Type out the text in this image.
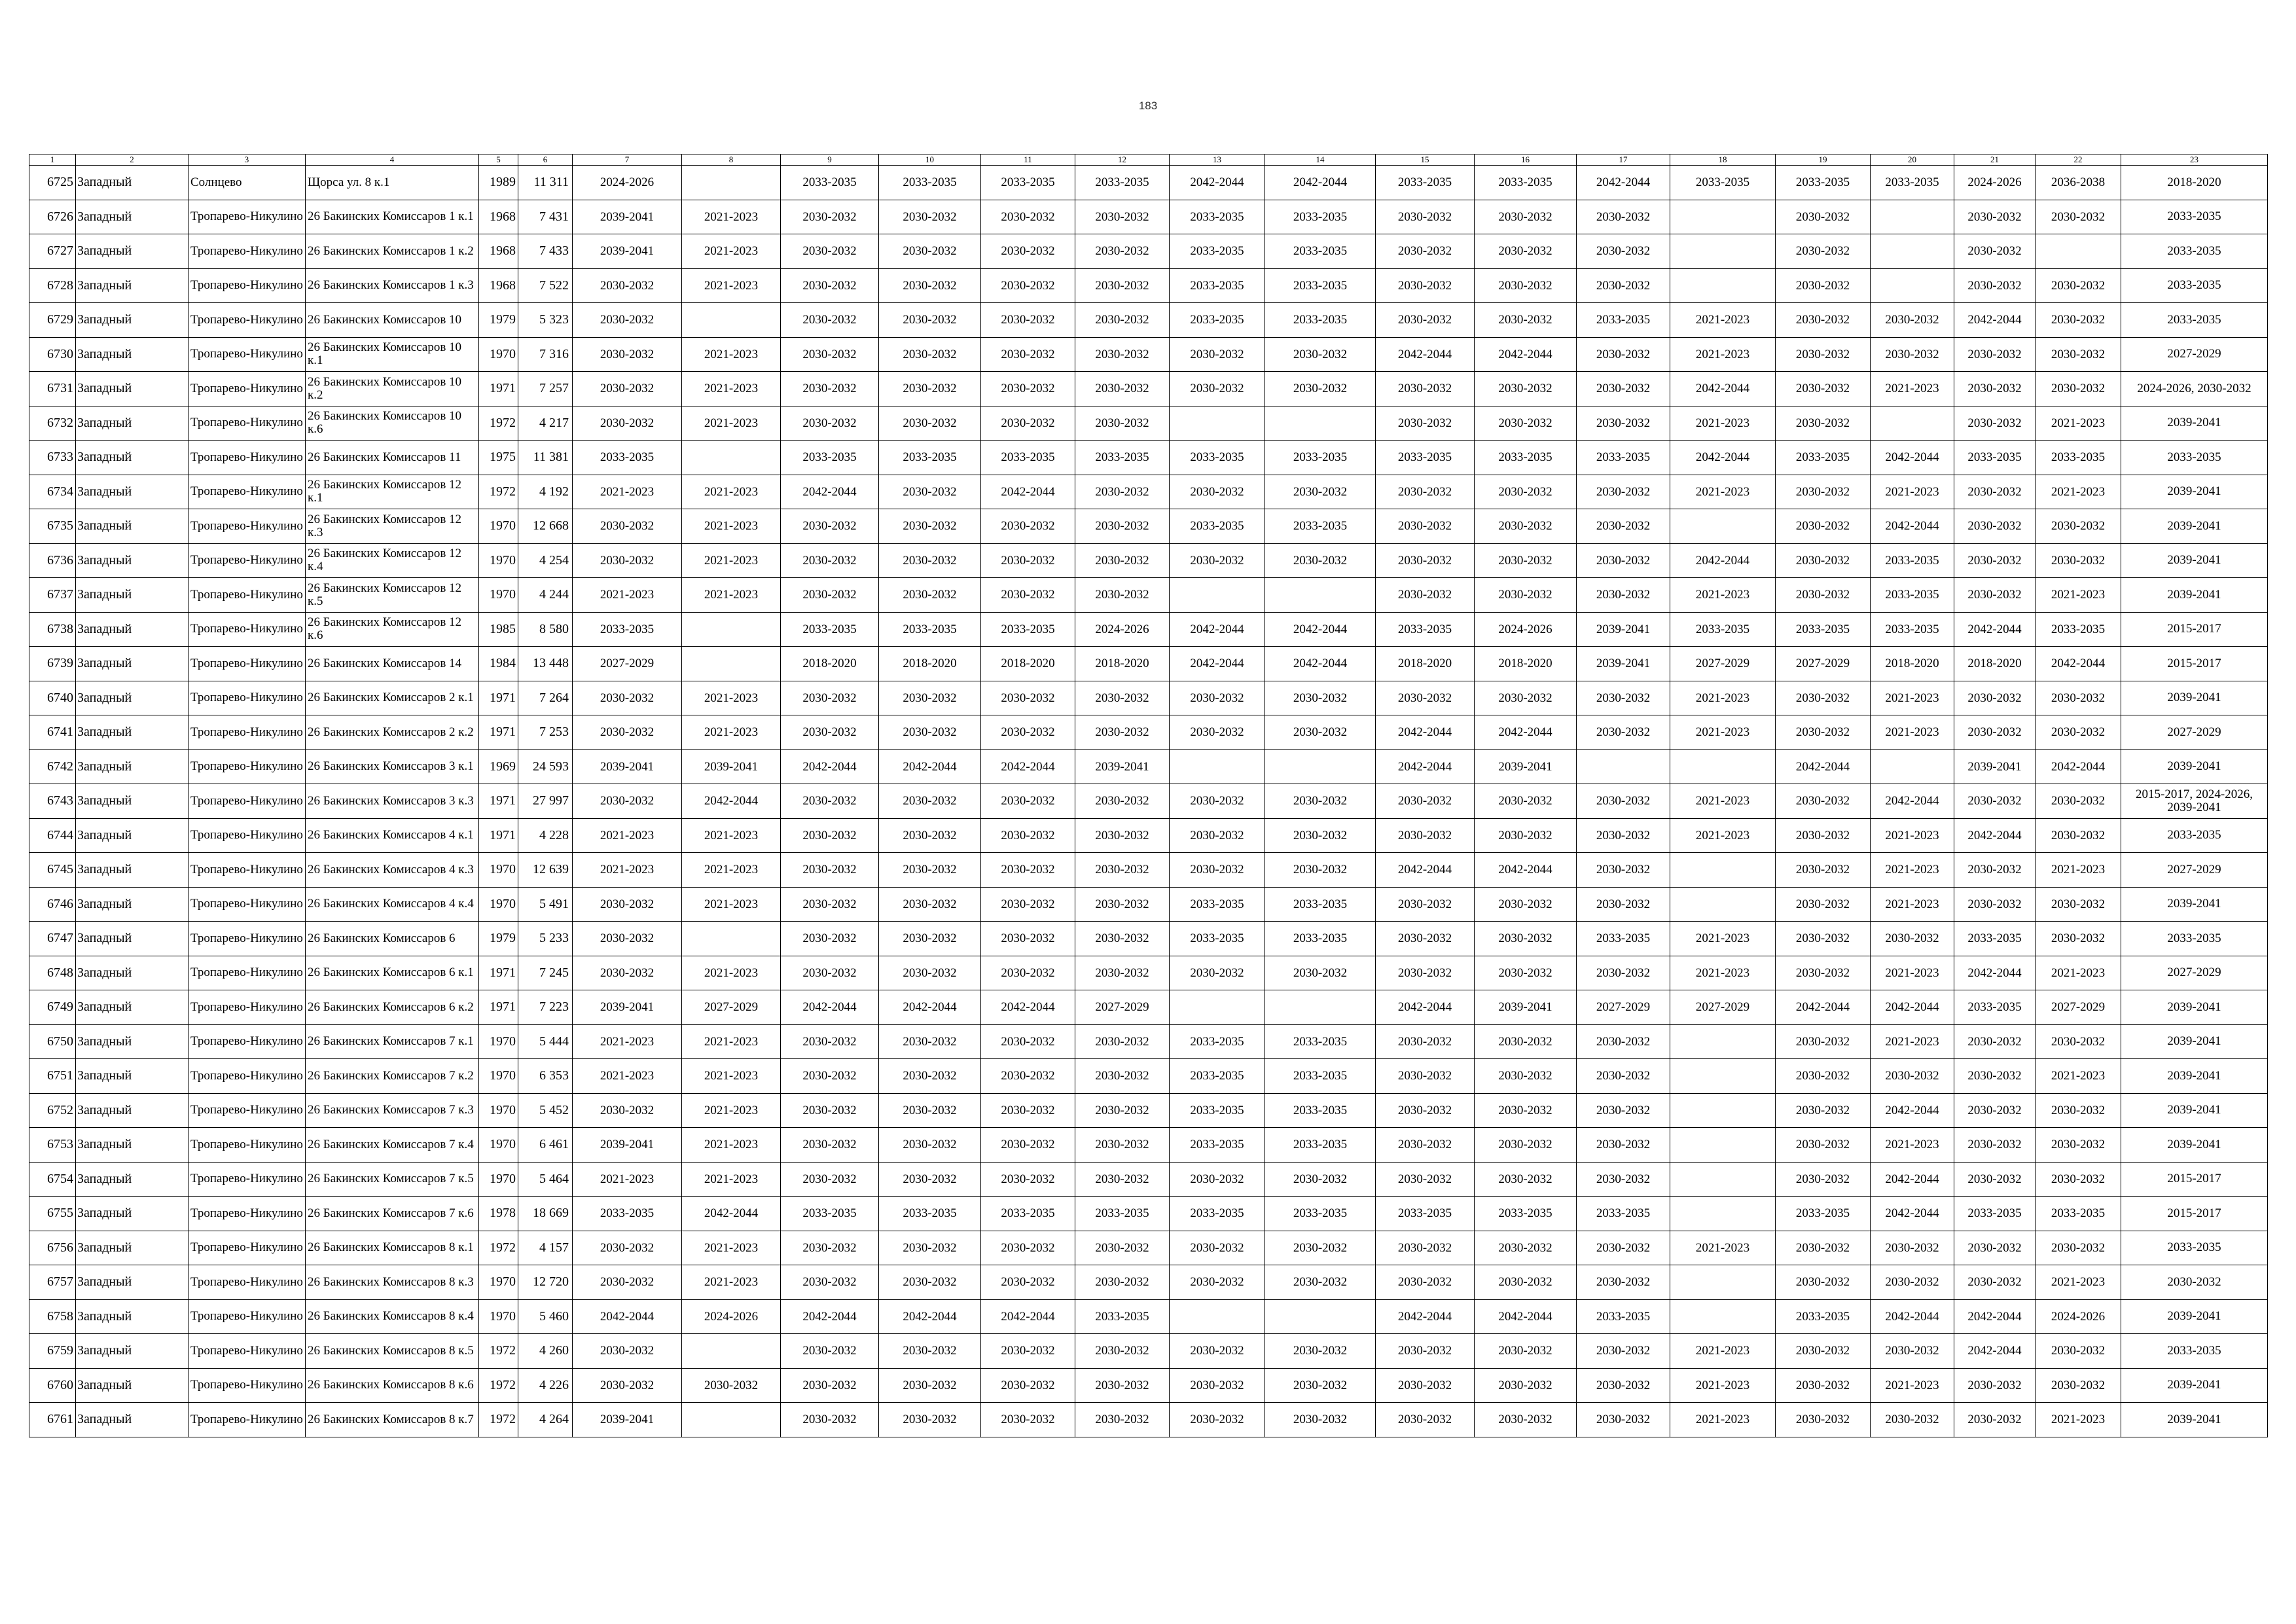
183
1	2	3	4	5	6	7	8	9	10	11	12	13	14	15	16	17	18	19	20	21	22	23
6725	Западный	Солнцево	Щорса ул. 8 к.1	1989	11 311	2024-2026		2033-2035	2033-2035	2033-2035	2033-2035	2042-2044	2042-2044	2033-2035	2033-2035	2042-2044	2033-2035	2033-2035	2033-2035	2024-2026	2036-2038	2018-2020
6726	Западный	Тропарево-Никулино	26 Бакинских Комиссаров 1 к.1	1968	7 431	2039-2041	2021-2023	2030-2032	2030-2032	2030-2032	2030-2032	2033-2035	2033-2035	2030-2032	2030-2032	2030-2032		2030-2032		2030-2032	2030-2032	2033-2035
6727	Западный	Тропарево-Никулино	26 Бакинских Комиссаров 1 к.2	1968	7 433	2039-2041	2021-2023	2030-2032	2030-2032	2030-2032	2030-2032	2033-2035	2033-2035	2030-2032	2030-2032	2030-2032		2030-2032		2030-2032		2033-2035
6728	Западный	Тропарево-Никулино	26 Бакинских Комиссаров 1 к.3	1968	7 522	2030-2032	2021-2023	2030-2032	2030-2032	2030-2032	2030-2032	2033-2035	2033-2035	2030-2032	2030-2032	2030-2032		2030-2032		2030-2032	2030-2032	2033-2035
6729	Западный	Тропарево-Никулино	26 Бакинских Комиссаров 10	1979	5 323	2030-2032		2030-2032	2030-2032	2030-2032	2030-2032	2033-2035	2033-2035	2030-2032	2030-2032	2033-2035	2021-2023	2030-2032	2030-2032	2042-2044	2030-2032	2033-2035
6730	Западный	Тропарево-Никулино	26 Бакинских Комиссаров 10 к.1	1970	7 316	2030-2032	2021-2023	2030-2032	2030-2032	2030-2032	2030-2032	2030-2032	2030-2032	2042-2044	2042-2044	2030-2032	2021-2023	2030-2032	2030-2032	2030-2032	2030-2032	2027-2029
6731	Западный	Тропарево-Никулино	26 Бакинских Комиссаров 10 к.2	1971	7 257	2030-2032	2021-2023	2030-2032	2030-2032	2030-2032	2030-2032	2030-2032	2030-2032	2030-2032	2030-2032	2030-2032	2042-2044	2030-2032	2021-2023	2030-2032	2030-2032	2024-2026, 2030-2032
6732	Западный	Тропарево-Никулино	26 Бакинских Комиссаров 10 к.6	1972	4 217	2030-2032	2021-2023	2030-2032	2030-2032	2030-2032	2030-2032			2030-2032	2030-2032	2030-2032	2021-2023	2030-2032		2030-2032	2021-2023	2039-2041
6733	Западный	Тропарево-Никулино	26 Бакинских Комиссаров 11	1975	11 381	2033-2035		2033-2035	2033-2035	2033-2035	2033-2035	2033-2035	2033-2035	2033-2035	2033-2035	2033-2035	2042-2044	2033-2035	2042-2044	2033-2035	2033-2035	2033-2035
6734	Западный	Тропарево-Никулино	26 Бакинских Комиссаров 12 к.1	1972	4 192	2021-2023	2021-2023	2042-2044	2030-2032	2042-2044	2030-2032	2030-2032	2030-2032	2030-2032	2030-2032	2030-2032	2021-2023	2030-2032	2021-2023	2030-2032	2021-2023	2039-2041
6735	Западный	Тропарево-Никулино	26 Бакинских Комиссаров 12 к.3	1970	12 668	2030-2032	2021-2023	2030-2032	2030-2032	2030-2032	2030-2032	2033-2035	2033-2035	2030-2032	2030-2032	2030-2032		2030-2032	2042-2044	2030-2032	2030-2032	2039-2041
6736	Западный	Тропарево-Никулино	26 Бакинских Комиссаров 12 к.4	1970	4 254	2030-2032	2021-2023	2030-2032	2030-2032	2030-2032	2030-2032	2030-2032	2030-2032	2030-2032	2030-2032	2030-2032	2042-2044	2030-2032	2033-2035	2030-2032	2030-2032	2039-2041
6737	Западный	Тропарево-Никулино	26 Бакинских Комиссаров 12 к.5	1970	4 244	2021-2023	2021-2023	2030-2032	2030-2032	2030-2032	2030-2032			2030-2032	2030-2032	2030-2032	2021-2023	2030-2032	2033-2035	2030-2032	2021-2023	2039-2041
6738	Западный	Тропарево-Никулино	26 Бакинских Комиссаров 12 к.6	1985	8 580	2033-2035		2033-2035	2033-2035	2033-2035	2024-2026	2042-2044	2042-2044	2033-2035	2024-2026	2039-2041	2033-2035	2033-2035	2033-2035	2042-2044	2033-2035	2015-2017
6739	Западный	Тропарево-Никулино	26 Бакинских Комиссаров 14	1984	13 448	2027-2029		2018-2020	2018-2020	2018-2020	2018-2020	2042-2044	2042-2044	2018-2020	2018-2020	2039-2041	2027-2029	2027-2029	2018-2020	2018-2020	2042-2044	2015-2017
6740	Западный	Тропарево-Никулино	26 Бакинских Комиссаров 2 к.1	1971	7 264	2030-2032	2021-2023	2030-2032	2030-2032	2030-2032	2030-2032	2030-2032	2030-2032	2030-2032	2030-2032	2030-2032	2021-2023	2030-2032	2021-2023	2030-2032	2030-2032	2039-2041
6741	Западный	Тропарево-Никулино	26 Бакинских Комиссаров 2 к.2	1971	7 253	2030-2032	2021-2023	2030-2032	2030-2032	2030-2032	2030-2032	2030-2032	2030-2032	2042-2044	2042-2044	2030-2032	2021-2023	2030-2032	2021-2023	2030-2032	2030-2032	2027-2029
6742	Западный	Тропарево-Никулино	26 Бакинских Комиссаров 3 к.1	1969	24 593	2039-2041	2039-2041	2042-2044	2042-2044	2042-2044	2039-2041			2042-2044	2039-2041			2042-2044		2039-2041	2042-2044	2039-2041
6743	Западный	Тропарево-Никулино	26 Бакинских Комиссаров 3 к.3	1971	27 997	2030-2032	2042-2044	2030-2032	2030-2032	2030-2032	2030-2032	2030-2032	2030-2032	2030-2032	2030-2032	2030-2032	2021-2023	2030-2032	2042-2044	2030-2032	2030-2032	2015-2017, 2024-2026, 2039-2041
6744	Западный	Тропарево-Никулино	26 Бакинских Комиссаров 4 к.1	1971	4 228	2021-2023	2021-2023	2030-2032	2030-2032	2030-2032	2030-2032	2030-2032	2030-2032	2030-2032	2030-2032	2030-2032	2021-2023	2030-2032	2021-2023	2042-2044	2030-2032	2033-2035
6745	Западный	Тропарево-Никулино	26 Бакинских Комиссаров 4 к.3	1970	12 639	2021-2023	2021-2023	2030-2032	2030-2032	2030-2032	2030-2032	2030-2032	2030-2032	2042-2044	2042-2044	2030-2032		2030-2032	2021-2023	2030-2032	2021-2023	2027-2029
6746	Западный	Тропарево-Никулино	26 Бакинских Комиссаров 4 к.4	1970	5 491	2030-2032	2021-2023	2030-2032	2030-2032	2030-2032	2030-2032	2033-2035	2033-2035	2030-2032	2030-2032	2030-2032		2030-2032	2021-2023	2030-2032	2030-2032	2039-2041
6747	Западный	Тропарево-Никулино	26 Бакинских Комиссаров 6	1979	5 233	2030-2032		2030-2032	2030-2032	2030-2032	2030-2032	2033-2035	2033-2035	2030-2032	2030-2032	2033-2035	2021-2023	2030-2032	2030-2032	2033-2035	2030-2032	2033-2035
6748	Западный	Тропарево-Никулино	26 Бакинских Комиссаров 6 к.1	1971	7 245	2030-2032	2021-2023	2030-2032	2030-2032	2030-2032	2030-2032	2030-2032	2030-2032	2030-2032	2030-2032	2030-2032	2021-2023	2030-2032	2021-2023	2042-2044	2021-2023	2027-2029
6749	Западный	Тропарево-Никулино	26 Бакинских Комиссаров 6 к.2	1971	7 223	2039-2041	2027-2029	2042-2044	2042-2044	2042-2044	2027-2029			2042-2044	2039-2041	2027-2029	2027-2029	2042-2044	2042-2044	2033-2035	2027-2029	2039-2041
6750	Западный	Тропарево-Никулино	26 Бакинских Комиссаров 7 к.1	1970	5 444	2021-2023	2021-2023	2030-2032	2030-2032	2030-2032	2030-2032	2033-2035	2033-2035	2030-2032	2030-2032	2030-2032		2030-2032	2021-2023	2030-2032	2030-2032	2039-2041
6751	Западный	Тропарево-Никулино	26 Бакинских Комиссаров 7 к.2	1970	6 353	2021-2023	2021-2023	2030-2032	2030-2032	2030-2032	2030-2032	2033-2035	2033-2035	2030-2032	2030-2032	2030-2032		2030-2032	2030-2032	2030-2032	2021-2023	2039-2041
6752	Западный	Тропарево-Никулино	26 Бакинских Комиссаров 7 к.3	1970	5 452	2030-2032	2021-2023	2030-2032	2030-2032	2030-2032	2030-2032	2033-2035	2033-2035	2030-2032	2030-2032	2030-2032		2030-2032	2042-2044	2030-2032	2030-2032	2039-2041
6753	Западный	Тропарево-Никулино	26 Бакинских Комиссаров 7 к.4	1970	6 461	2039-2041	2021-2023	2030-2032	2030-2032	2030-2032	2030-2032	2033-2035	2033-2035	2030-2032	2030-2032	2030-2032		2030-2032	2021-2023	2030-2032	2030-2032	2039-2041
6754	Западный	Тропарево-Никулино	26 Бакинских Комиссаров 7 к.5	1970	5 464	2021-2023	2021-2023	2030-2032	2030-2032	2030-2032	2030-2032	2030-2032	2030-2032	2030-2032	2030-2032	2030-2032		2030-2032	2042-2044	2030-2032	2030-2032	2015-2017
6755	Западный	Тропарево-Никулино	26 Бакинских Комиссаров 7 к.6	1978	18 669	2033-2035	2042-2044	2033-2035	2033-2035	2033-2035	2033-2035	2033-2035	2033-2035	2033-2035	2033-2035	2033-2035		2033-2035	2042-2044	2033-2035	2033-2035	2015-2017
6756	Западный	Тропарево-Никулино	26 Бакинских Комиссаров 8 к.1	1972	4 157	2030-2032	2021-2023	2030-2032	2030-2032	2030-2032	2030-2032	2030-2032	2030-2032	2030-2032	2030-2032	2030-2032	2021-2023	2030-2032	2030-2032	2030-2032	2030-2032	2033-2035
6757	Западный	Тропарево-Никулино	26 Бакинских Комиссаров 8 к.3	1970	12 720	2030-2032	2021-2023	2030-2032	2030-2032	2030-2032	2030-2032	2030-2032	2030-2032	2030-2032	2030-2032	2030-2032		2030-2032	2030-2032	2030-2032	2021-2023	2030-2032
6758	Западный	Тропарево-Никулино	26 Бакинских Комиссаров 8 к.4	1970	5 460	2042-2044	2024-2026	2042-2044	2042-2044	2042-2044	2033-2035			2042-2044	2042-2044	2033-2035		2033-2035	2042-2044	2042-2044	2024-2026	2039-2041
6759	Западный	Тропарево-Никулино	26 Бакинских Комиссаров 8 к.5	1972	4 260	2030-2032		2030-2032	2030-2032	2030-2032	2030-2032	2030-2032	2030-2032	2030-2032	2030-2032	2030-2032	2021-2023	2030-2032	2030-2032	2042-2044	2030-2032	2033-2035
6760	Западный	Тропарево-Никулино	26 Бакинских Комиссаров 8 к.6	1972	4 226	2030-2032	2030-2032	2030-2032	2030-2032	2030-2032	2030-2032	2030-2032	2030-2032	2030-2032	2030-2032	2030-2032	2021-2023	2030-2032	2021-2023	2030-2032	2030-2032	2039-2041
6761	Западный	Тропарево-Никулино	26 Бакинских Комиссаров 8 к.7	1972	4 264	2039-2041		2030-2032	2030-2032	2030-2032	2030-2032	2030-2032	2030-2032	2030-2032	2030-2032	2030-2032	2021-2023	2030-2032	2030-2032	2030-2032	2021-2023	2039-2041
